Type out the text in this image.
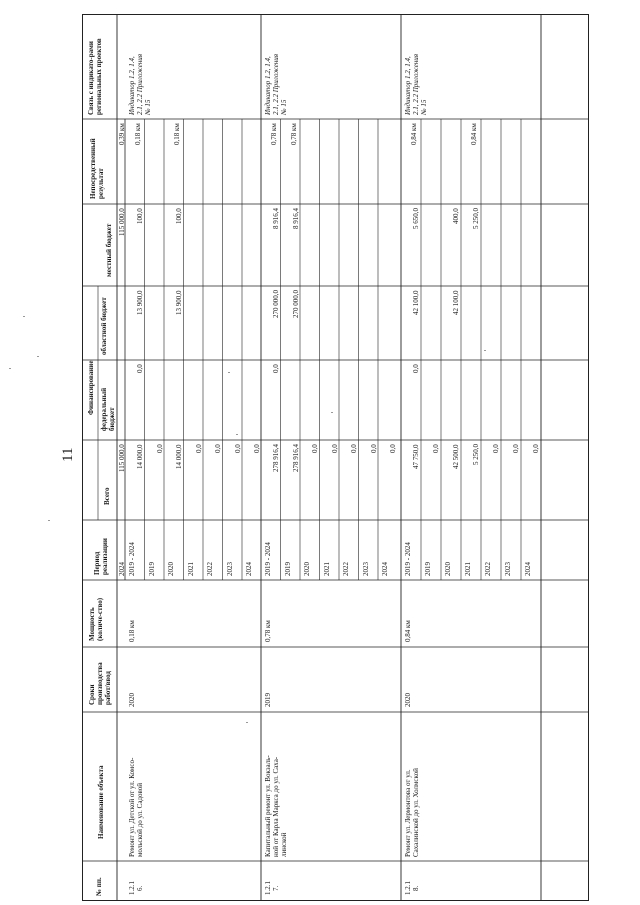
11
№ пп.
Наименование объекта
Сроки производства работ/ввод
Мощность (количе-ство)
Период реализации
Финансирование
Всего
федеральный бюджет
областной бюджет
местный бюджет
Непосредственный результат
Связь с индикато-рами региональных проектов
2024
115 000,0
115 000,0
0,39 км
1.2.1 6.
Ремонт ул. Детской от ул. Комсо- мольской до ул. Садовой
2020
0,18 км
Индикатор 1.2, 1.4, 2.1, 2.2 Приложения № 15
2019 - 2024
14 000,0
0,0
13 900,0
100,0
0,18 км
2019
0,0
2020
14 000,0
13 900,0
100,0
0,18 км
2021
0,0
2022
0,0
2023
0,0
2024
0,0
1.2.1 7.
Капитальный ремонт ул. Вокзаль- ной от Карла Маркса до ул. Саха- линской
2019
0,78 км
Индикатор 1.2, 1.4, 2.1, 2.2 Приложения № 15
2019 - 2024
278 916,4
0,0
270 000,0
8 916,4
0,78 км
2019
278 916,4
270 000,0
8 916,4
0,78 км
2020
0,0
2021
0,0
2022
0,0
2023
0,0
2024
0,0
1.2.1 8.
Ремонт ул. Лермонтова от ул. Сахалинской до ул. Холмской
2020
0,84 км
Индикатор 1.2, 1.4, 2.1, 2.2 Приложения № 15
2019 - 2024
47 750,0
0,0
42 100,0
5 650,0
0,84 км
2019
0,0
2020
42 500,0
42 100,0
400,0
2021
5 250,0
5 250,0
0,84 км
2022
0,0
2023
0,0
2024
0,0
